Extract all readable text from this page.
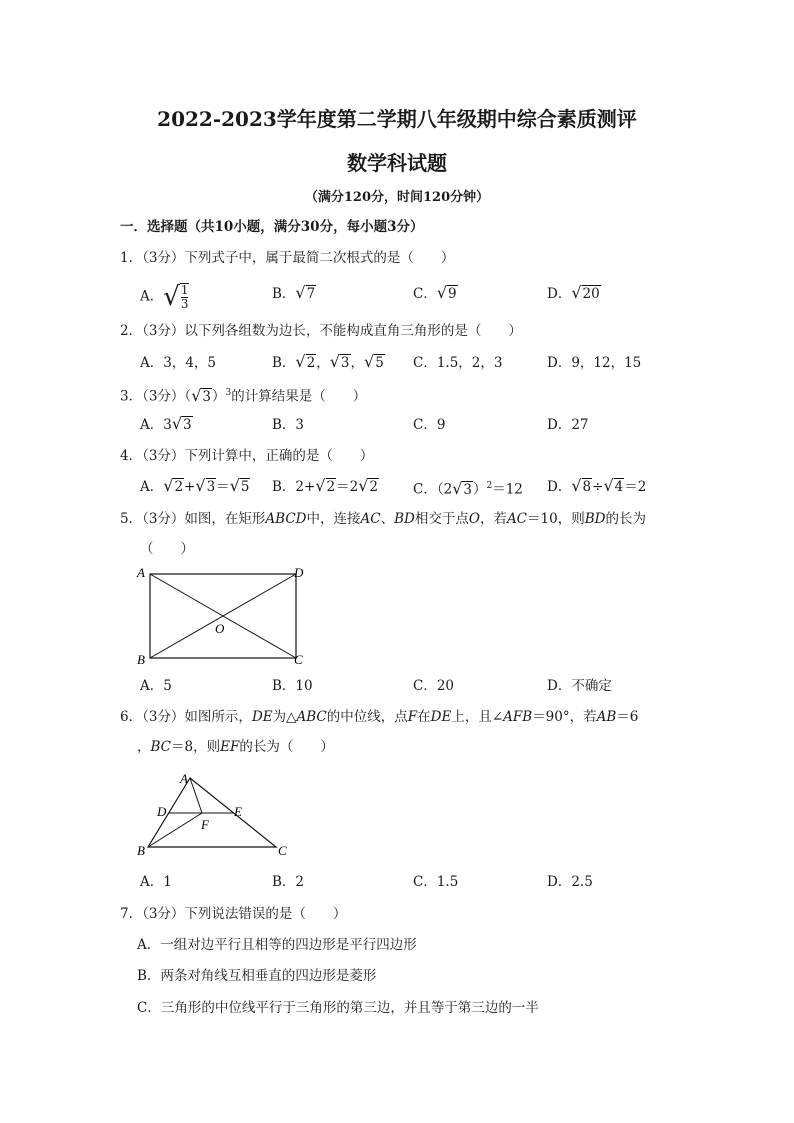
2022-2023学年度第二学期八年级期中综合素质测评
数学科试题
（满分120分，时间120分钟）
一．选择题（共10小题，满分30分，每小题3分）
1．（3分）下列式子中，属于最简二次根式的是（　　）
A．√ $\frac{1}{3}$	B．√7	C．√9	D．√20
2．（3分）以下列各组数为边长，不能构成直角三角形的是（　　）
A．3，4，5	B．√2，√3，√5 C．1.5，2，3	D．9，12，15
3．（3分）$(√3)^3$的计算结果是（　　）
A．3√3	B．3	C．9	D．27
4．（3分）下列计算中，正确的是（　　）
A．√2+√3＝√5 B．2+√2＝2√2	C．$(2√3)^2=12$ D．√8÷√4＝2
5．（3分）如图，在矩形ABCD中，连接AC、BD相交于点O，若AC＝10，则BD的长为
（　　）
A	D
B	C
O
A．5	B．10	C．20	D．不确定
6．（3分）如图所示，DE为△ABC的中位线，点F在DE上，且∠AFB＝90°，若AB＝6
，BC＝8，则EF的长为（　　）
A
D	E
F
B	C
A．1	B．2	C．1.5	D．2.5
7．（3分）下列说法错误的是（　　）
A．一组对边平行且相等的四边形是平行四边形
B．两条对角线互相垂直的四边形是菱形
C．三角形的中位线平行于三角形的第三边，并且等于第三边的一半
